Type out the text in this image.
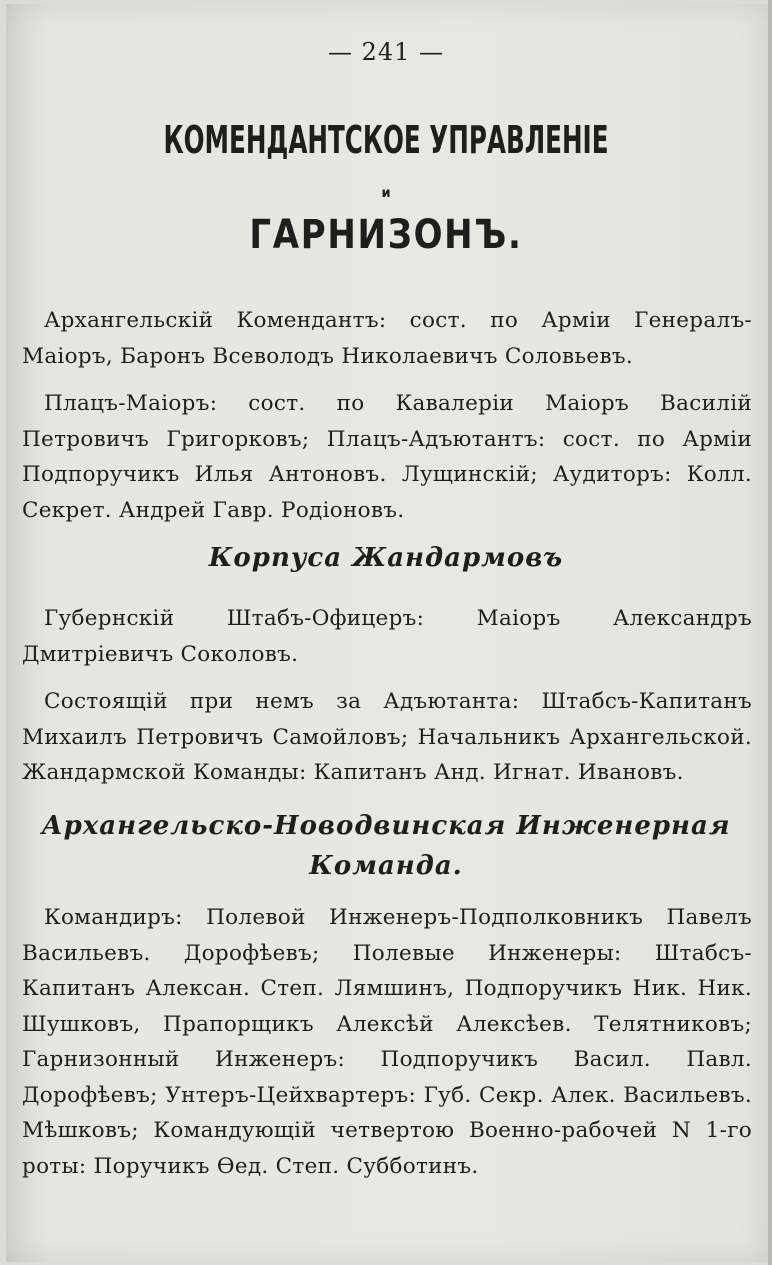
— 241 —
КОМЕНДАНТСКОЕ УПРАВЛЕНІЕ
и
ГАРНИЗОНЪ.
Архангельскій Комендантъ: сост. по Арміи Генералъ-Маіоръ, Баронъ Всеволодъ Николаевичъ Соловьевъ.
Плацъ-Маіоръ: сост. по Кавалеріи Маіоръ Василій Петровичъ Григорковъ; Плацъ-Адъютантъ: сост. по Арміи Подпоручикъ Илья Антоновъ. Лущинскій; Аудиторъ: Колл. Секрет. Андрей Гавр. Родіоновъ.
Корпуса Жандармовъ
Губернскій Штабъ-Офицеръ: Маіоръ Александръ Дмитріевичъ Соколовъ.
Состоящій при немъ за Адъютанта: Штабсъ-Капитанъ Михаилъ Петровичъ Самойловъ; Начальникъ Архангельской. Жандармской Команды: Капитанъ Анд. Игнат. Ивановъ.
Архангельско-Новодвинская Инженерная
Команда.
Командиръ: Полевой Инженеръ-Подполковникъ Павелъ Васильевъ. Дорофѣевъ; Полевые Инженеры: Штабсъ-Капитанъ Алексан. Степ. Лямшинъ, Подпоручикъ Ник. Ник. Шушковъ, Прапорщикъ Алексѣй Алексѣев. Телятниковъ; Гарнизонный Инженеръ: Подпоручикъ Васил. Павл. Дорофѣевъ; Унтеръ-Цейхвартеръ: Губ. Секр. Алек. Васильевъ. Мѣшковъ; Командующій четвертою Военно-рабочей N 1-го роты: Поручикъ Ѳед. Степ. Субботинъ.
